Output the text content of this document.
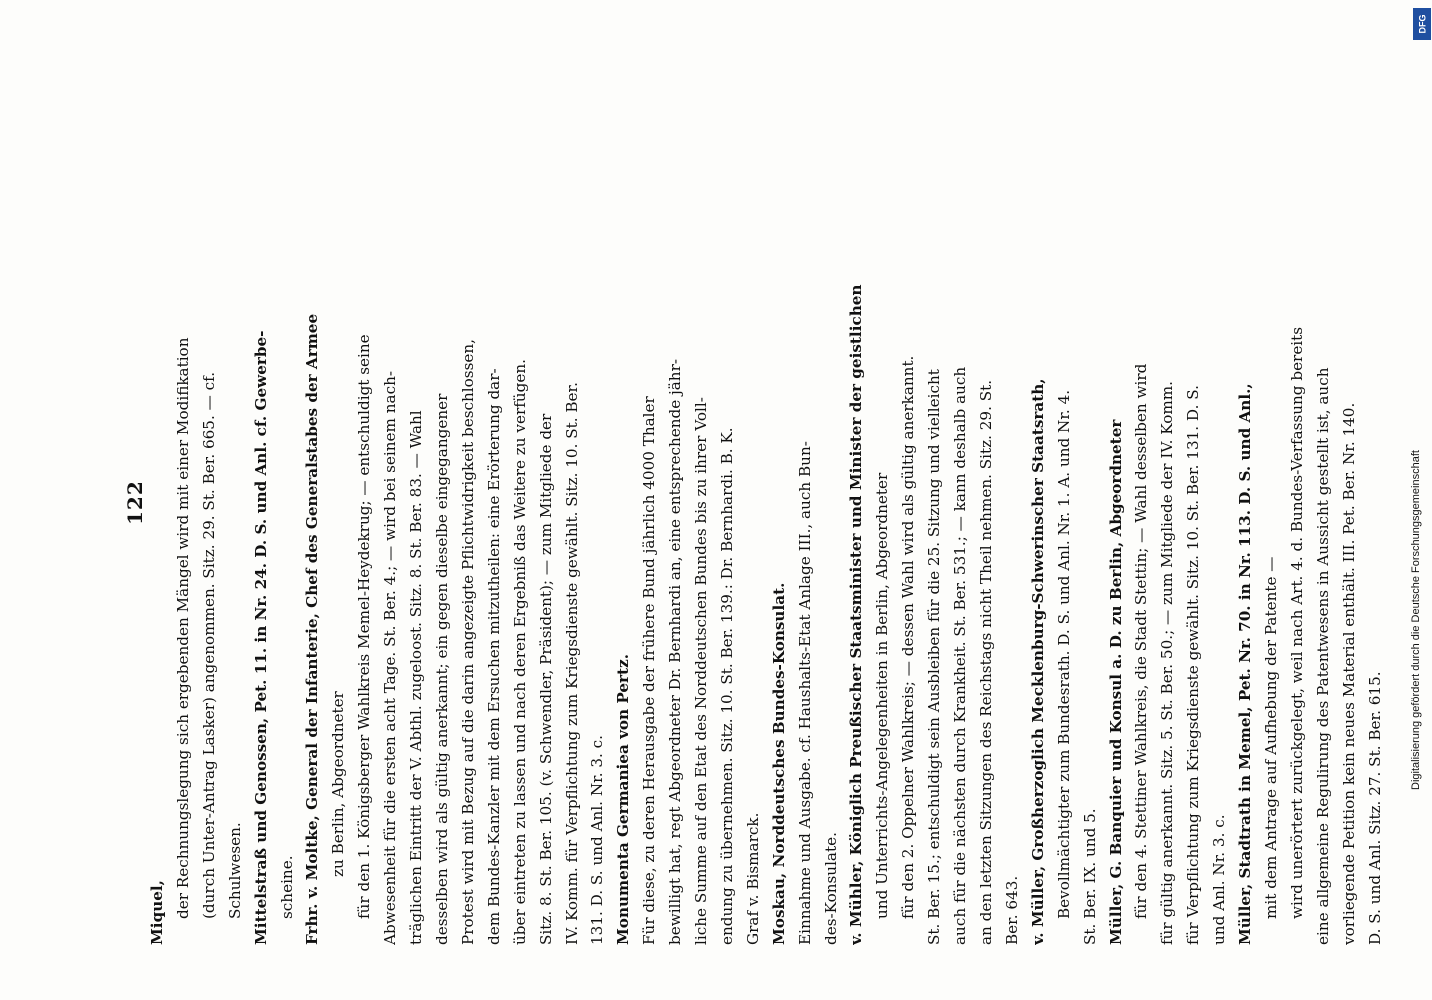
122
Miquel, der Rechnungslegung sich ergebenden Mängel wird mit einer Modifikation (durch Unter-Antrag Lasker) angenommen. Sitz. 29. St. Ber. 665. — cf. Schulwesen. Mittelstraß und Genossen, Pet. 11. in Nr. 24. D. S. und Anl. cf. Gewerbe- scheine. Frhr. v. Moltke, General der Infanterie, Chef des Generalstabes der Armee zu Berlin, Abgeordneter für den 1. Königsberger Wahlkreis Memel-Heydekrug; — entschuldigt seine Abwesenheit für die ersten acht Tage. St. Ber. 4.; — wird bei seinem nach- träglichen Eintritt der V. Abthl. zugeloost. Sitz. 8. St. Ber. 83. — Wahl desselben wird als gültig anerkannt; ein gegen dieselbe eingegangener Protest wird mit Bezug auf die darin angezeigte Pflichtwidrigkeit beschlossen, dem Bundes-Kanzler mit dem Ersuchen mitzutheilen: eine Erörterung dar- über eintreten zu lassen und nach deren Ergebniß das Weitere zu verfügen. Sitz. 8. St. Ber. 105. (v. Schwendler, Präsident); — zum Mitgliede der IV. Komm. für Verpflichtung zum Kriegsdienste gewählt. Sitz. 10. St. Ber. 131. D. S. und Anl. Nr. 3. c. Monumenta Germaniea von Pertz. Für diese, zu deren Herausgabe der frühere Bund jährlich 4000 Thaler bewilligt hat, regt Abgeordneter Dr. Bernhardi an, eine entsprechende jähr- liche Summe auf den Etat des Norddeutschen Bundes bis zu ihrer Voll- endung zu übernehmen. Sitz. 10. St. Ber. 139.: Dr. Bernhardi. B. K. Graf v. Bismarck. Moskau, Norddeutsches Bundes-Konsulat. Einnahme und Ausgabe. cf. Haushalts-Etat Anlage III., auch Bun- des-Konsulate. v. Mühler, Königlich Preußischer Staatsminister und Minister der geistlichen und Unterrichts-Angelegenheiten in Berlin, Abgeordneter für den 2. Oppelner Wahlkreis; — dessen Wahl wird als gültig anerkannt. St. Ber. 15.; entschuldigt sein Ausbleiben für die 25. Sitzung und vielleicht auch für die nächsten durch Krankheit. St. Ber. 531.; — kann deshalb auch an den letzten Sitzungen des Reichstags nicht Theil nehmen. Sitz. 29. St. Ber. 643. v. Müller, Großherzoglich Mecklenburg-Schwerinscher Staatsrath, Bevollmächtigter zum Bundesrath. D. S. und Anl. Nr. 1. A. und Nr. 4. St. Ber. IX. und 5. Müller, G. Banquier und Konsul a. D. zu Berlin, Abgeordneter für den 4. Stettiner Wahlkreis, die Stadt Stettin; — Wahl desselben wird für gültig anerkannt. Sitz. 5. St. Ber. 50.; — zum Mitgliede der IV. Komm. für Verpflichtung zum Kriegsdienste gewählt. Sitz. 10. St. Ber. 131. D. S. und Anl. Nr. 3. c. Müller, Stadtrath in Memel, Pet. Nr. 70. in Nr. 113. D. S. und Anl., mit dem Antrage auf Aufhebung der Patente — wird unerörtert zurückgelegt, weil nach Art. 4. d. Bundes-Verfassung bereits eine allgemeine Regulirung des Patentwesens in Aussicht gestellt ist, auch vorliegende Petition kein neues Material enthält. III. Pet. Ber. Nr. 140. D. S. und Anl. Sitz. 27. St. Ber. 615.
Digitalisierung gefördert durch die Deutsche Forschungsgemeinschaft
DFG
